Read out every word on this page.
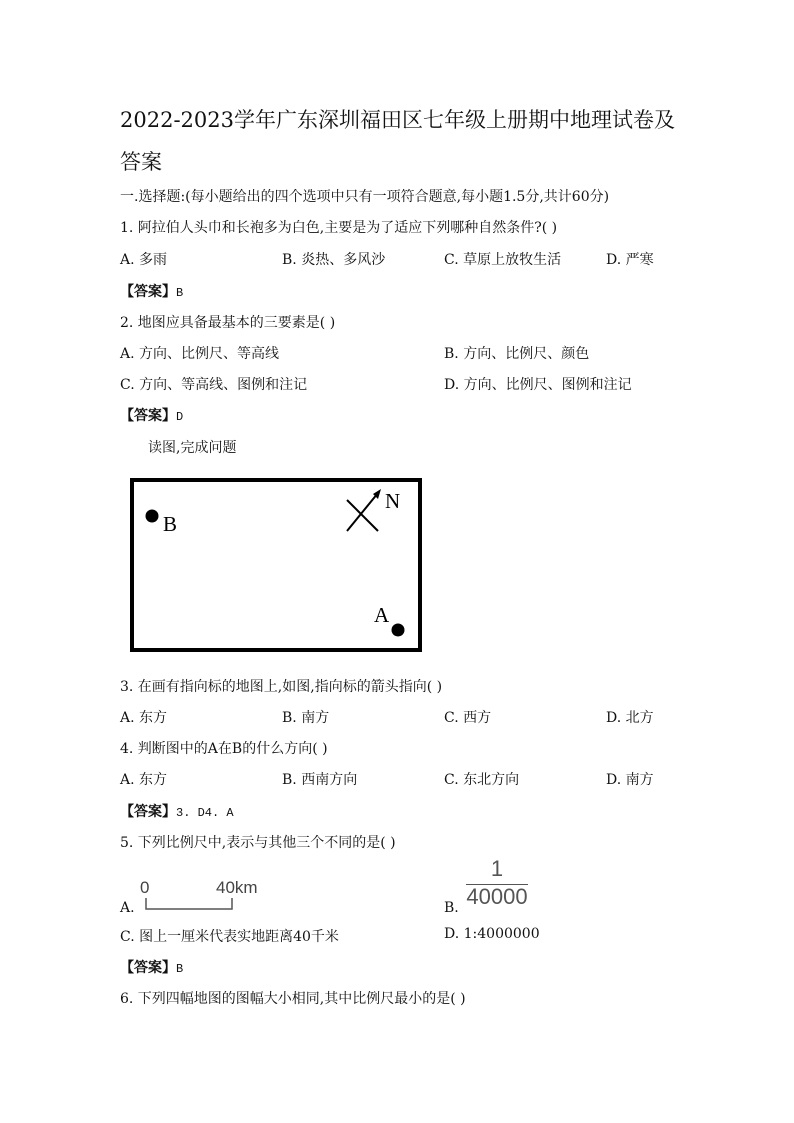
2022-2023学年广东深圳福田区七年级上册期中地理试卷及
答案
一.选择题:(每小题给出的四个选项中只有一项符合题意,每小题1.5分,共计60分)
1. 阿拉伯人头巾和长袍多为白色,主要是为了适应下列哪种自然条件?( )
A. 多雨	B. 炎热、多风沙	C. 草原上放牧生活	D. 严寒
【答案】B
2. 地图应具备最基本的三要素是( )
A. 方向、比例尺、等高线	B. 方向、比例尺、颜色
C. 方向、等高线、图例和注记	D. 方向、比例尺、图例和注记
【答案】D
读图,完成问题
B
A
N
3. 在画有指向标的地图上,如图,指向标的箭头指向( )
A. 东方	B. 南方	C. 西方	D. 北方
4. 判断图中的A在B的什么方向( )
A. 东方	B. 西南方向	C. 东北方向	D. 南方
【答案】3. D4. A
5. 下列比例尺中,表示与其他三个不同的是( )
A.
0	40km
B.
1
40000
C. 图上一厘米代表实地距离40千米	D. 1:4000000
【答案】B
6. 下列四幅地图的图幅大小相同,其中比例尺最小的是( )
